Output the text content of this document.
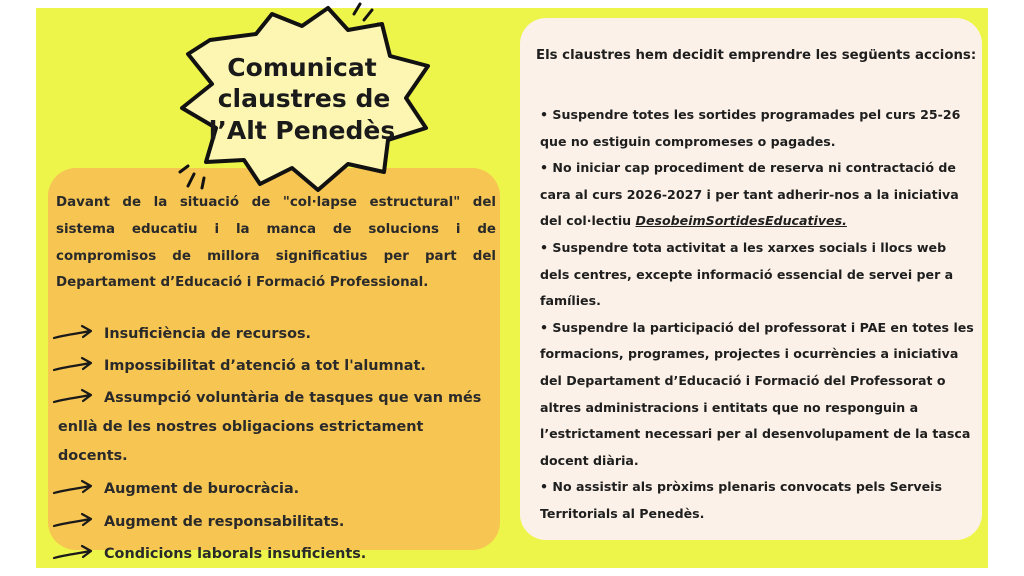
Comunicat
claustres de
l’Alt Penedès

Davant de la situació de "col·lapse estructural" del sistema educatiu i la manca de solucions i de compromisos de millora significatius per part del Departament d’Educació i Formació Professional.

Insuficiència de recursos.
Impossibilitat d’atenció a tot l'alumnat.
Assumpció voluntària de tasques que van més
enllà de les nostres obligacions estrictament docents.
Augment de burocràcia.
Augment de responsabilitats.
Condicions laborals insuficients.

Els claustres hem decidit emprendre les següents accions:

• Suspendre totes les sortides programades pel curs 25-26 que no estiguin compromeses o pagades.
• No iniciar cap procediment de reserva ni contractació de cara al curs 2026-2027 i per tant adherir-nos a la iniciativa del col·lectiu DesobeimSortidesEducatives.
• Suspendre tota activitat a les xarxes socials i llocs web dels centres, excepte informació essencial de servei per a famílies.
• Suspendre la participació del professorat i PAE en totes les formacions, programes, projectes i ocurrències a iniciativa del Departament d’Educació i Formació del Professorat o altres administracions i entitats que no responguin a l’estrictament necessari per al desenvolupament de la tasca docent diària.
• No assistir als pròxims plenaris convocats pels Serveis Territorials al Penedès.
